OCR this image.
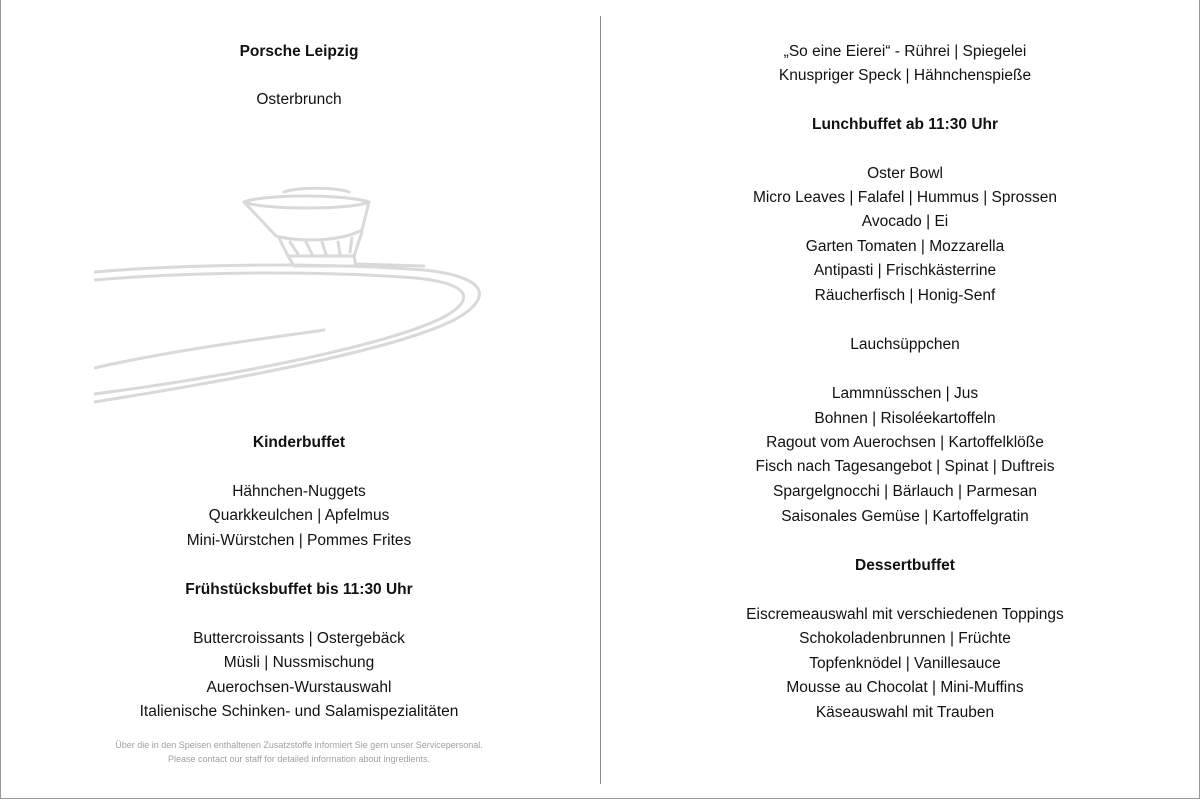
Porsche Leipzig
Osterbrunch
Kinderbuffet
Hähnchen-Nuggets
Quarkkeulchen | Apfelmus
Mini-Würstchen | Pommes Frites
Frühstücksbuffet bis 11:30 Uhr
Buttercroissants | Ostergebäck
Müsli | Nussmischung
Auerochsen-Wurstauswahl
Italienische Schinken- und Salamispezialitäten
Über die in den Speisen enthaltenen Zusatzstoffe informiert Sie gern unser Servicepersonal.
Please contact our staff for detailed information about ingredients.
„So eine Eierei“ - Rührei | Spiegelei
Knuspriger Speck | Hähnchenspieße
Lunchbuffet ab 11:30 Uhr
Oster Bowl
Micro Leaves | Falafel | Hummus | Sprossen
Avocado | Ei
Garten Tomaten | Mozzarella
Antipasti | Frischkästerrine
Räucherfisch | Honig-Senf
Lauchsüppchen
Lammnüsschen | Jus
Bohnen | Risoléekartoffeln
Ragout vom Auerochsen | Kartoffelklöße
Fisch nach Tagesangebot | Spinat | Duftreis
Spargelgnocchi | Bärlauch | Parmesan
Saisonales Gemüse | Kartoffelgratin
Dessertbuffet
Eiscremeauswahl mit verschiedenen Toppings
Schokoladenbrunnen | Früchte
Topfenknödel | Vanillesauce
Mousse au Chocolat | Mini-Muffins
Käseauswahl mit Trauben
